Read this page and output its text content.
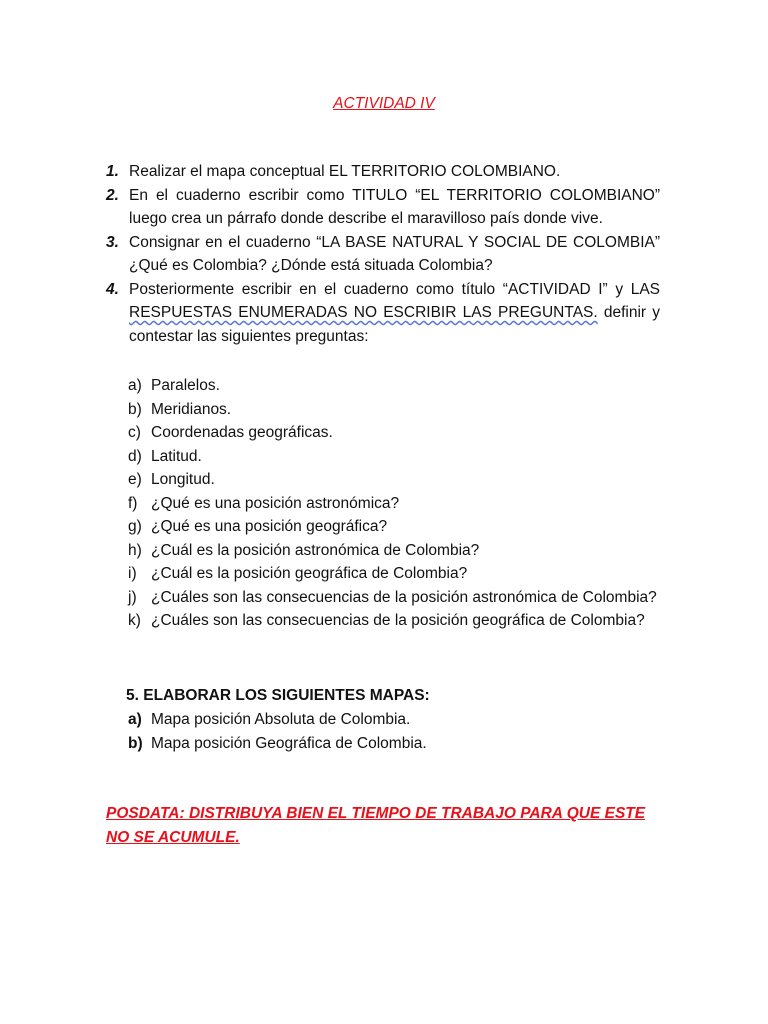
ACTIVIDAD IV
1. Realizar el mapa conceptual EL TERRITORIO COLOMBIANO.
2. En el cuaderno escribir como TITULO “EL TERRITORIO COLOMBIANO” luego crea un párrafo donde describe el maravilloso país donde vive.
3. Consignar en el cuaderno “LA BASE NATURAL Y SOCIAL DE COLOMBIA” ¿Qué es Colombia? ¿Dónde está situada Colombia?
4. Posteriormente escribir en el cuaderno como título “ACTIVIDAD I” y LAS RESPUESTAS ENUMERADAS NO ESCRIBIR LAS PREGUNTAS. definir y contestar las siguientes preguntas:
a) Paralelos.
b) Meridianos.
c) Coordenadas geográficas.
d) Latitud.
e) Longitud.
f) ¿Qué es una posición astronómica?
g) ¿Qué es una posición geográfica?
h) ¿Cuál es la posición astronómica de Colombia?
i) ¿Cuál es la posición geográfica de Colombia?
j) ¿Cuáles son las consecuencias de la posición astronómica de Colombia?
k) ¿Cuáles son las consecuencias de la posición geográfica de Colombia?
5. ELABORAR LOS SIGUIENTES MAPAS:
a) Mapa posición Absoluta de Colombia.
b) Mapa posición Geográfica de Colombia.
POSDATA: DISTRIBUYA BIEN EL TIEMPO DE TRABAJO PARA QUE ESTE NO SE ACUMULE.
